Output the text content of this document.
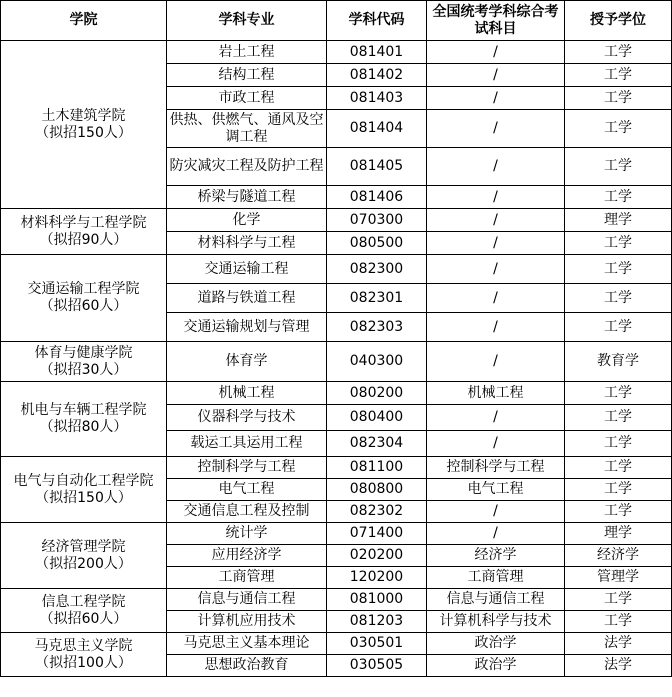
学院	学科专业	学科代码	全国统考学科综合考试科目	授予学位

土木建筑学院
（拟招150人）	岩土工程	081401	/	工学
	结构工程	081402	/	工学
	市政工程	081403	/	工学
	供热、供燃气、通风及空调工程	081404	/	工学
	防灾减灾工程及防护工程	081405	/	工学
	桥梁与隧道工程	081406	/	工学

材料科学与工程学院
（拟招90人）	化学	070300	/	理学
	材料科学与工程	080500	/	工学

交通运输工程学院
（拟招60人）	交通运输工程	082300	/	工学
	道路与铁道工程	082301	/	工学
	交通运输规划与管理	082303	/	工学

体育与健康学院
（拟招30人）	体育学	040300	/	教育学

机电与车辆工程学院
（拟招80人）	机械工程	080200	机械工程	工学
	仪器科学与技术	080400	/	工学
	载运工具运用工程	082304	/	工学

电气与自动化工程学院
（拟招150人）	控制科学与工程	081100	控制科学与工程	工学
	电气工程	080800	电气工程	工学
	交通信息工程及控制	082302	/	工学

经济管理学院
（拟招200人）	统计学	071400	/	理学
	应用经济学	020200	经济学	经济学
	工商管理	120200	工商管理	管理学

信息工程学院
（拟招60人）	信息与通信工程	081000	信息与通信工程	工学
	计算机应用技术	081203	计算机科学与技术	工学

马克思主义学院
（拟招100人）	马克思主义基本理论	030501	政治学	法学
	思想政治教育	030505	政治学	法学
